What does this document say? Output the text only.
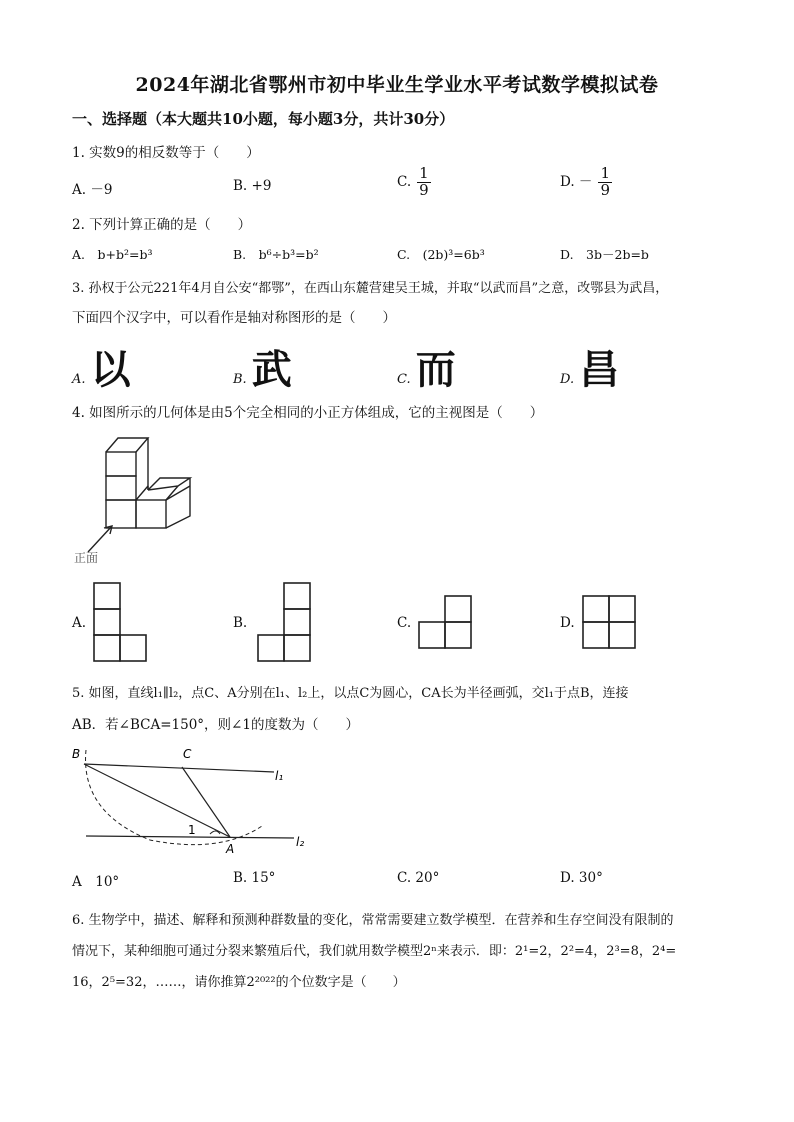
2024年湖北省鄂州市初中毕业生学业水平考试数学模拟试卷
一、选择题（本大题共10小题，每小题3分，共计30分）
1. 实数9的相反数等于（　　）
A. －9	B. +9	C. $\frac{1}{9}$	D. － $\frac{1}{9}$
2. 下列计算正确的是（　　）
A.　b+b²=b³	B.　b⁶÷b³=b²	C.　(2b)³=6b³	D.　3b－2b=b
3. 孙权于公元221年4月自公安“都鄂”，在西山东麓营建吴王城，并取“以武而昌”之意，改鄂县为武昌，
下面四个汉字中，可以看作是轴对称图形的是（　　）
A. 以	B. 武	C. 而	D. 昌
4. 如图所示的几何体是由5个完全相同的小正方体组成，它的主视图是（　　）
正面
A.	B.	C.	D.
5. 如图，直线l₁∥l₂，点C、A分别在l₁、l₂上，以点C为圆心，CA长为半径画弧，交l₁于点B，连接
AB．若∠BCA=150°，则∠1的度数为（　　）
B	C
A
l₁
l₂
1
A　10°	B. 15°	C. 20°	D. 30°
6. 生物学中，描述、解释和预测种群数量的变化，常常需要建立数学模型．在营养和生存空间没有限制的
情况下，某种细胞可通过分裂来繁殖后代，我们就用数学模型2ⁿ来表示．即：2¹=2，2²=4，2³=8，2⁴=
16，2⁵=32，……，请你推算2²⁰²²的个位数字是（　　）
